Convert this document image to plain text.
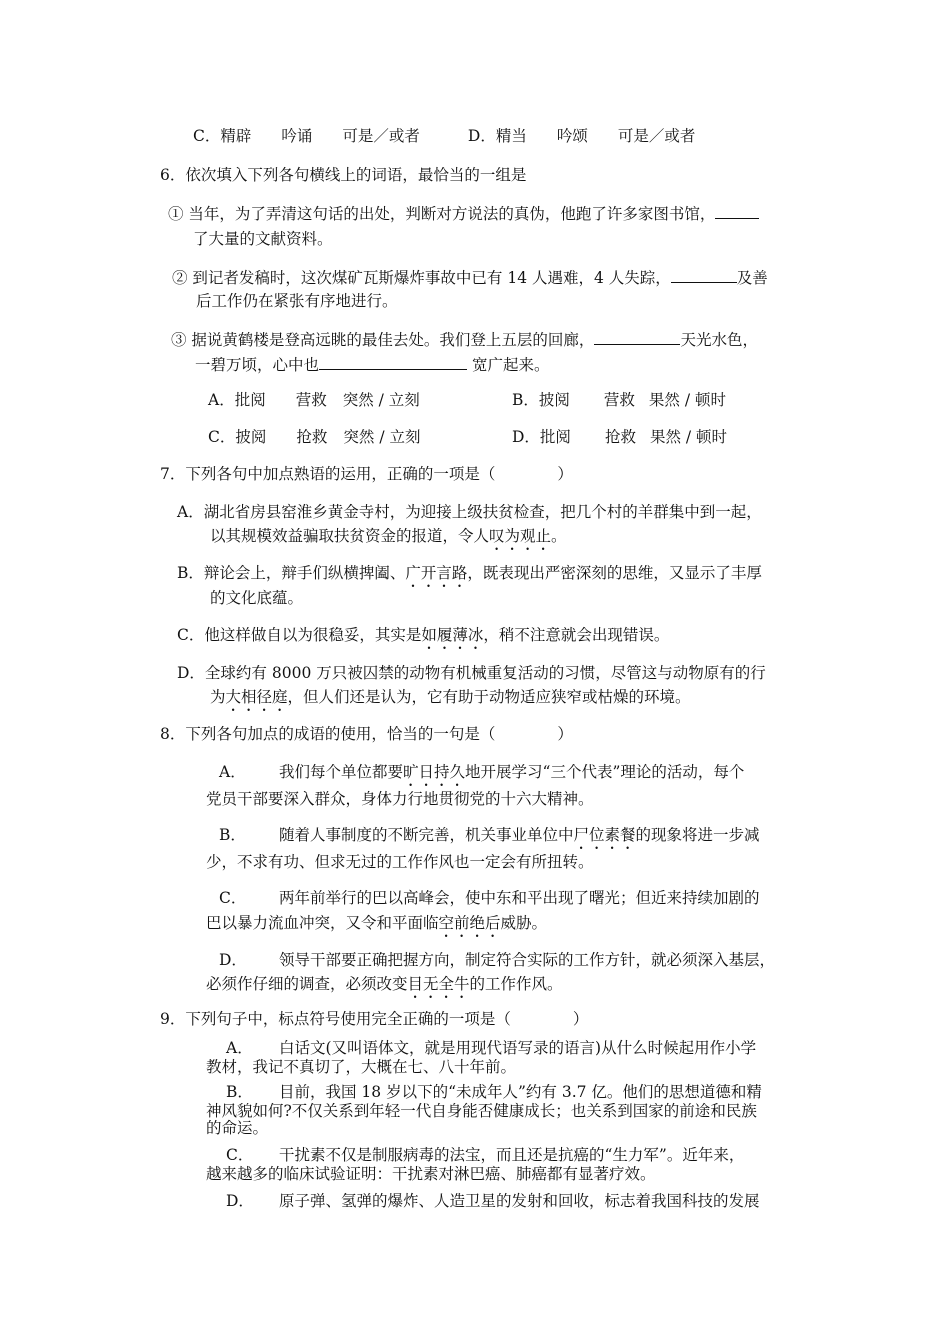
C．精辟 吟诵 可是／或者	D．精当 吟颂 可是／或者
6．依次填入下列各句横线上的词语，最恰当的一组是
① 当年，为了弄清这句话的出处，判断对方说法的真伪，他跑了许多家图书馆，
了大量的文献资料。
② 到记者发稿时，这次煤矿瓦斯爆炸事故中已有 14 人遇难，4 人失踪，	及善
后工作仍在紧张有序地进行。
③ 据说黄鹤楼是登高远眺的最佳去处。我们登上五层的回廊，	天光水色，
一碧万顷，心中也	宽广起来。
A．批阅 营救 突然 / 立刻	B．披阅 营救 果然 / 顿时
C．披阅 抢救 突然 / 立刻	D．批阅 抢救 果然 / 顿时
7．下列各句中加点熟语的运用，正确的一项是（　　　　）
A．湖北省房县窑淮乡黄金寺村，为迎接上级扶贫检查，把几个村的羊群集中到一起，
以其规模效益骗取扶贫资金的报道，令人叹为观止。
B．辩论会上，辩手们纵横捭阖、广开言路，既表现出严密深刻的思维，又显示了丰厚
的文化底蕴。
C．他这样做自以为很稳妥，其实是如履薄冰，稍不注意就会出现错误。
D．全球约有 8000 万只被囚禁的动物有机械重复活动的习惯，尽管这与动物原有的行
为大相径庭，但人们还是认为，它有助于动物适应狭窄或枯燥的环境。
8．下列各句加点的成语的使用，恰当的一句是（　　　　）
A． 我们每个单位都要旷日持久地开展学习“三个代表”理论的活动，每个
党员干部要深入群众，身体力行地贯彻党的十六大精神。
B． 随着人事制度的不断完善，机关事业单位中尸位素餐的现象将进一步减
少，不求有功、但求无过的工作作风也一定会有所扭转。
C． 两年前举行的巴以高峰会，使中东和平出现了曙光；但近来持续加剧的
巴以暴力流血冲突，又令和平面临空前绝后威胁。
D． 领导干部要正确把握方向，制定符合实际的工作方针，就必须深入基层，
必须作仔细的调查，必须改变目无全牛的工作作风。
9．下列句子中，标点符号使用完全正确的一项是（　　　　）
A． 白话文(又叫语体文，就是用现代语写录的语言)从什么时候起用作小学
教材，我记不真切了，大概在七、八十年前。
B． 目前，我国 18 岁以下的“未成年人”约有 3.7 亿。他们的思想道德和精
神风貌如何?不仅关系到年轻一代自身能否健康成长；也关系到国家的前途和民族
的命运。
C． 干扰素不仅是制服病毒的法宝，而且还是抗癌的“生力军”。近年来，
越来越多的临床试验证明：干扰素对淋巴癌、肺癌都有显著疗效。
D． 原子弹、氢弹的爆炸、人造卫星的发射和回收，标志着我国科技的发展
